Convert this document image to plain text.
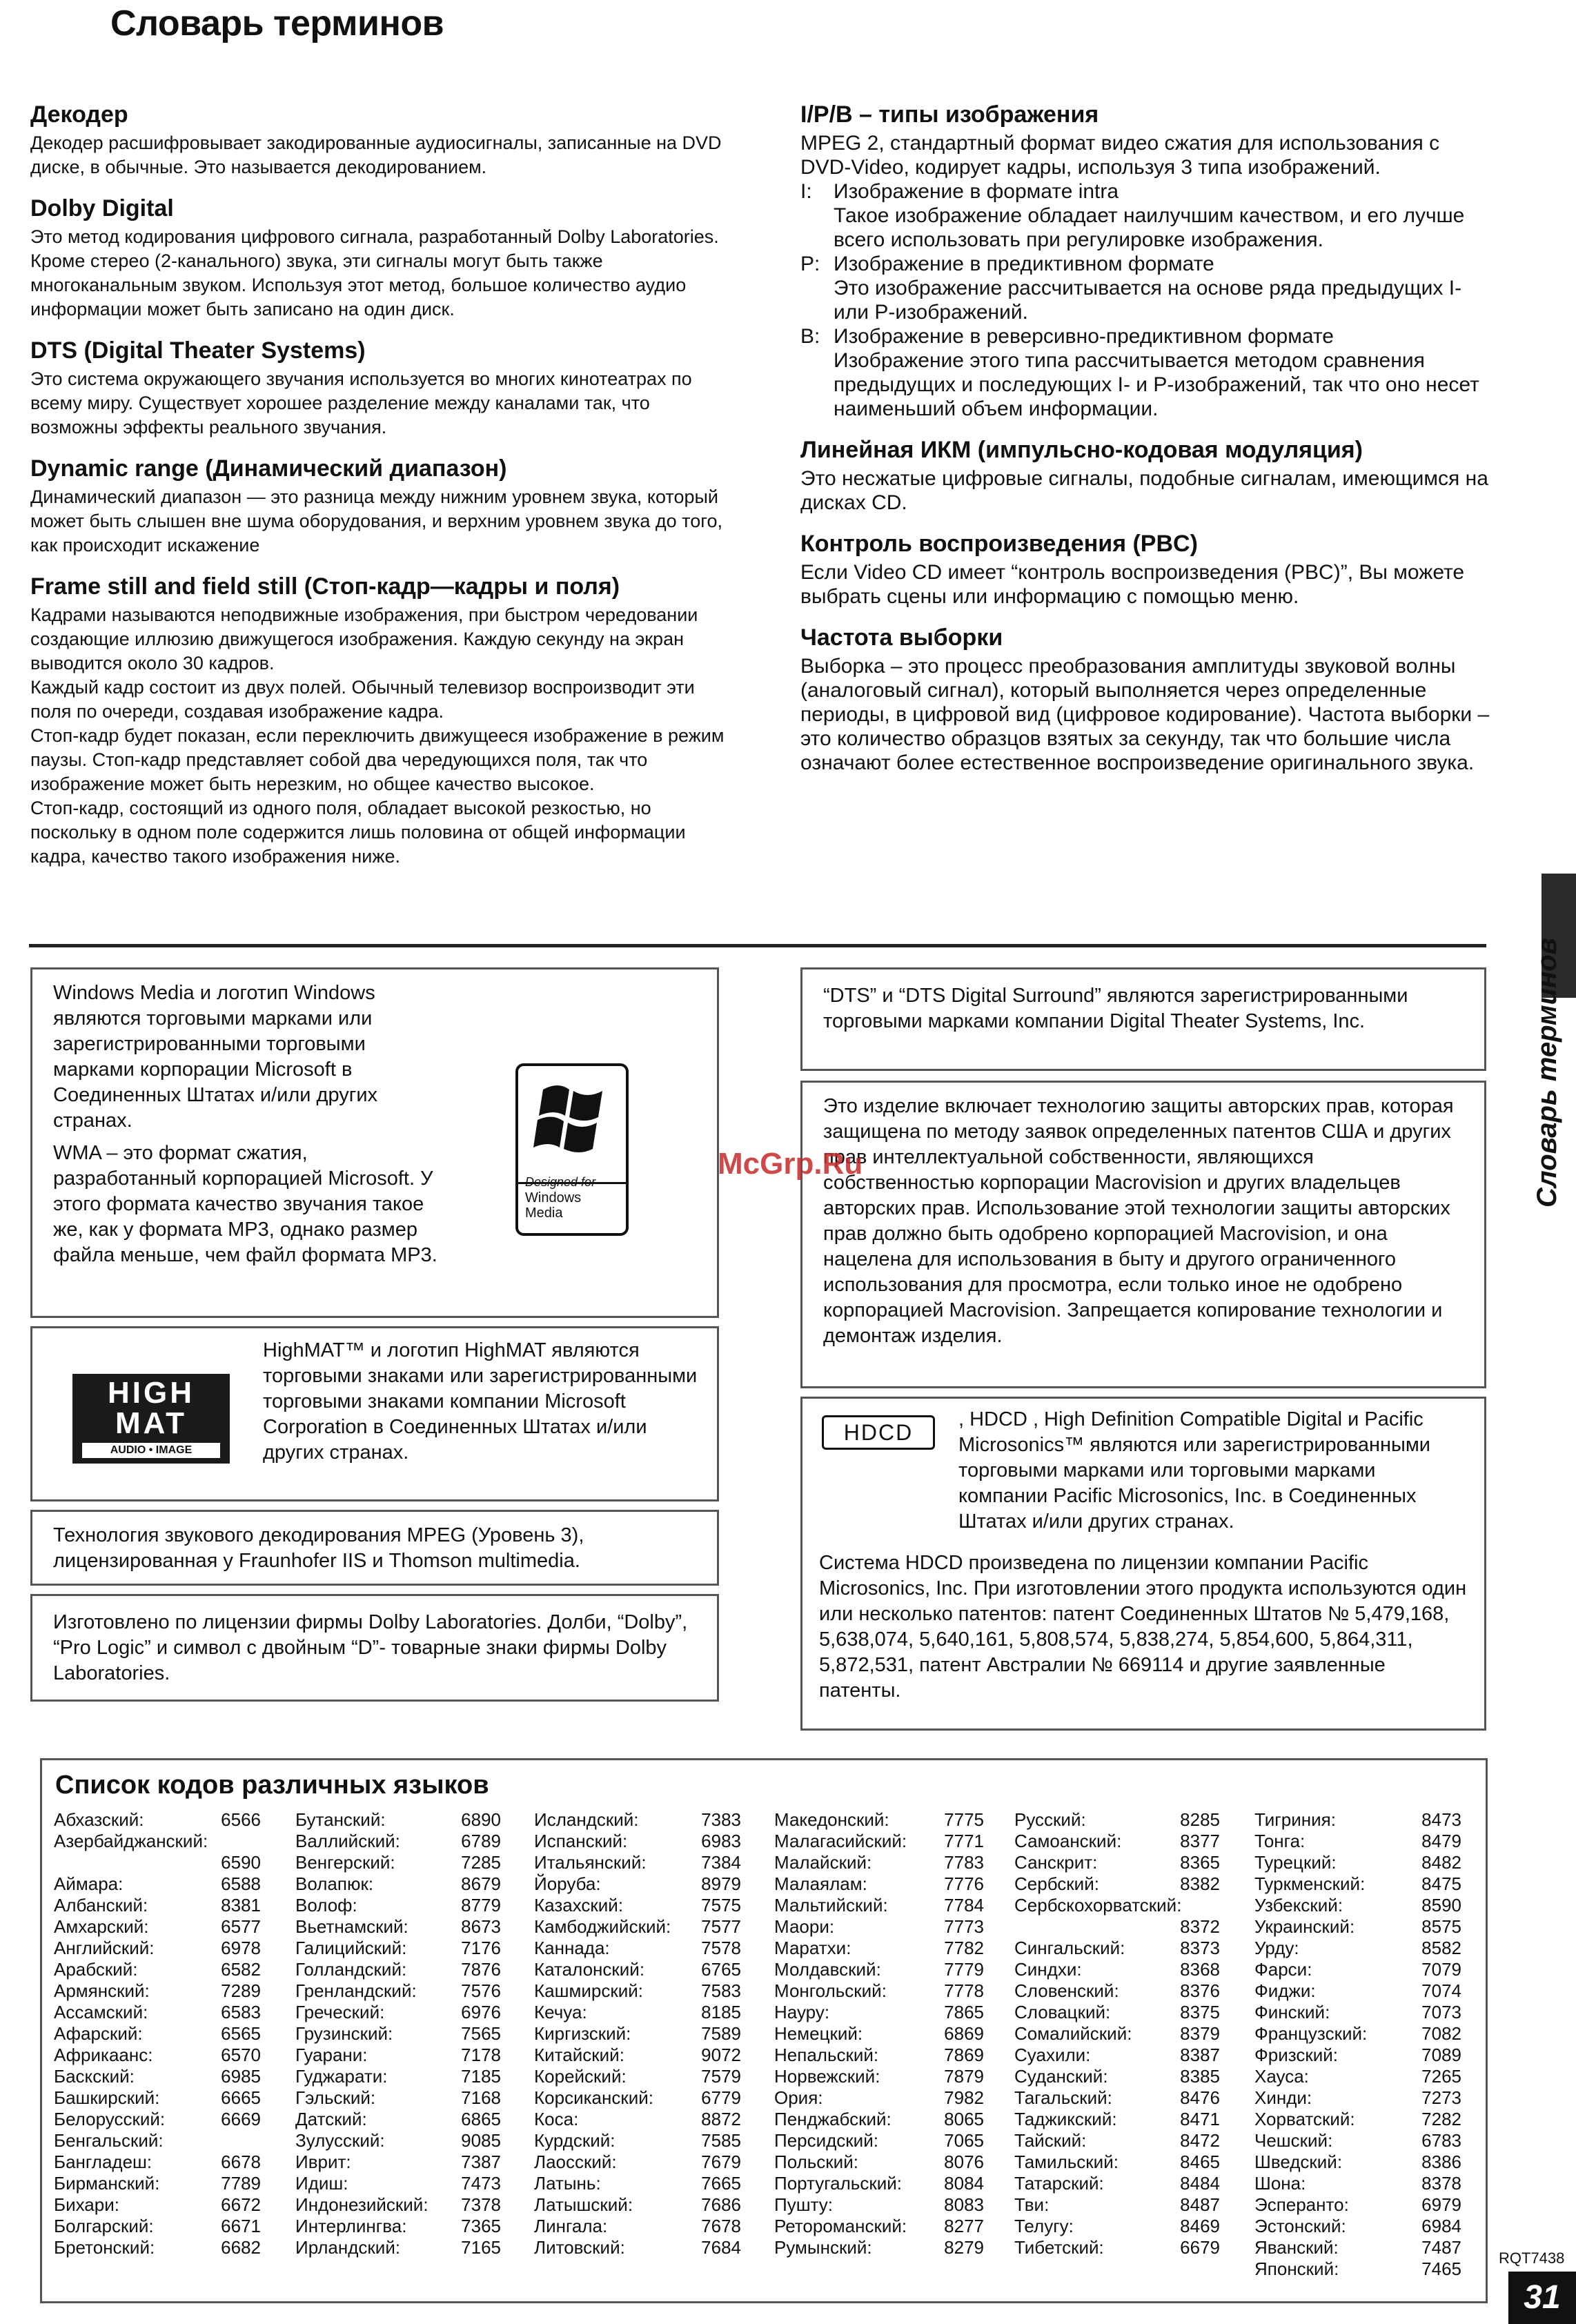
Словарь терминов
Декодер

Декодер расшифровывает закодированные аудиосигналы, записанные на DVD диске, в обычные. Это называется декодированием.

Dolby Digital

Это метод кодирования цифрового сигнала, разработанный Dolby Laboratories. Кроме стерео (2-канального) звука, эти сигналы могут быть также многоканальным звуком. Используя этот метод, большое количество аудио информации может быть записано на один диск.

DTS (Digital Theater Systems)

Это система окружающего звучания используется во многих кинотеатрах по всему миру. Существует хорошее разделение между каналами так, что возможны эффекты реального звучания.

Dynamic range (Динамический диапазон)

Динамический диапазон — это разница между нижним уровнем звука, который может быть слышен вне шума оборудования, и верхним уровнем звука до того, как происходит искажение

Frame still and field still (Стоп-кадр—кадры и поля)

Кадрами называются неподвижные изображения, при быстром чередовании создающие иллюзию движущегося изображения. Каждую секунду на экран выводится около 30 кадров.

Каждый кадр состоит из двух полей. Обычный телевизор воспроизводит эти поля по очереди, создавая изображение кадра.

Стоп-кадр будет показан, если переключить движущееся изображение в режим паузы. Стоп-кадр представляет собой два чередующихся поля, так что изображение может быть нерезким, но общее качество высокое.

Стоп-кадр, состоящий из одного поля, обладает высокой резкостью, но поскольку в одном поле содержится лишь половина от общей информации кадра, качество такого изображения ниже.

I/P/B – типы изображения

MPEG 2, стандартный формат видео сжатия для использования с DVD-Video, кодирует кадры, используя 3 типа изображений.

I:	Изображение в формате intra
Такое изображение обладает наилучшим качеством, и его лучше всего использовать при регулировке изображения.
P: Изображение в предиктивном формате
Это изображение рассчитывается на основе ряда предыдущих I- или P-изображений.
B: Изображение в реверсивно-предиктивном формате
Изображение этого типа рассчитывается методом сравнения предыдущих и последующих I- и P-изображений, так что оно несет наименьший объем информации.
Линейная ИКМ (импульсно-кодовая модуляция)

Это несжатые цифровые сигналы, подобные сигналам, имеющимся на дисках CD.

Контроль воспроизведения (PBC)

Если Video CD имеет “контроль воспроизведения (PBC)”, Вы можете выбрать сцены или информацию с помощью меню.

Частота выборки

Выборка – это процесс преобразования амплитуды звуковой волны (аналоговый сигнал), который выполняется через определенные периоды, в цифровой вид (цифровое кодирование). Частота выборки – это количество образцов взятых за секунду, так что большие числа означают более естественное воспроизведение оригинального звука.

Windows Media и логотип Windows являются торговыми марками или зарегистрированными торговыми марками корпорации Microsoft в Соединенных Штатах и/или других странах.

WMA – это формат сжатия, разработанный корпорацией Microsoft. У этого формата качество звучания такое же, как у формата MP3, однако размер файла меньше, чем файл формата MP3.

Designed for
Windows Media
HIGH
MAT
AUDIO • IMAGE
HighMAT™ и логотип HighMAT являются торговыми знаками или зарегистрированными торговыми знаками компании Microsoft Corporation в Соединенных Штатах и/или других странах.
Технология звукового декодирования MPEG (Уровень 3), лицензированная у Fraunhofer IIS и Thomson multimedia.
Изготовлено по лицензии фирмы Dolby Laboratories. Долби, “Dolby”, “Pro Logic” и символ с двойным “D”- товарные знаки фирмы Dolby Laboratories.
“DTS” и “DTS Digital Surround” являются зарегистрированными торговыми марками компании Digital Theater Systems, Inc.
Это изделие включает технологию защиты авторских прав, которая защищена по методу заявок определенных патентов США и других прав интеллектуальной собственности, являющихся собственностью корпорации Macrovision и других владельцев авторских прав. Использование этой технологии защиты авторских прав должно быть одобрено корпорацией Macrovision, и она нацелена для использования в быту и другого ограниченного использования для просмотра, если только иное не одобрено корпорацией Macrovision. Запрещается копирование технологии и демонтаж изделия.
HDCD
, HDCD , High Definition Compatible Digital и Pacific Microsonics™ являются или зарегистрированными торговыми марками или торговыми марками компании Pacific Microsonics, Inc. в Соединенных Штатах и/или других странах.
Система HDCD произведена по лицензии компании Pacific Microsonics, Inc. При изготовлении этого продукта используются один или несколько патентов: патент Соединенных Штатов № 5,479,168, 5,638,074, 5,640,161, 5,808,574, 5,838,274, 5,854,600, 5,864,311, 5,872,531, патент Австралии № 669114 и другие заявленные патенты.
McGrp.Ru
Список кодов различных языков
Абхазский:	6566
Азербайджанский:
6590
Аймара:	6588
Албанский:	8381
Амхарский:	6577
Английский:	6978
Арабский:	6582
Армянский:	7289
Ассамский:	6583
Афарский:	6565
Африкаанс:	6570
Баскский:	6985
Башкирский:	6665
Белорусский:	6669
Бенгальский:
Бангладеш:	6678
Бирманский:	7789
Бихари:	6672
Болгарский:	6671
Бретонский:	6682
Бутанский:	6890
Валлийский:	6789
Венгерский:	7285
Волапюк:	8679
Волоф:	8779
Вьетнамский:	8673
Галицийский:	7176
Голландский:	7876
Гренландский:	7576
Греческий:	6976
Грузинский:	7565
Гуарани:	7178
Гуджарати:	7185
Гэльский:	7168
Датский:	6865
Зулусский:	9085
Иврит:	7387
Идиш:	7473
Индонезийский:	7378
Интерлингва:	7365
Ирландский:	7165
Исландский:	7383
Испанский:	6983
Итальянский:	7384
Йоруба:	8979
Казахский:	7575
Камбоджийский:	7577
Каннада:	7578
Каталонский:	6765
Кашмирский:	7583
Кечуа:	8185
Киргизский:	7589
Китайский:	9072
Корейский:	7579
Корсиканский:	6779
Коса:	8872
Курдский:	7585
Лаосский:	7679
Латынь:	7665
Латышский:	7686
Лингала:	7678
Литовский:	7684
Македонский:	7775
Малагасийский:	7771
Малайский:	7783
Малаялам:	7776
Мальтийский:	7784
Маори:	7773
Маратхи:	7782
Молдавский:	7779
Монгольский:	7778
Науру:	7865
Немецкий:	6869
Непальский:	7869
Норвежский:	7879
Ория:	7982
Пенджабский:	8065
Персидский:	7065
Польский:	8076
Португальский:	8084
Пушту:	8083
Ретороманский:	8277
Румынский:	8279
Русский:	8285
Самоанский:	8377
Санскрит:	8365
Сербский:	8382
Сербскохорватский:
8372
Сингальский:	8373
Синдхи:	8368
Словенский:	8376
Словацкий:	8375
Сомалийский:	8379
Суахили:	8387
Суданский:	8385
Тагальский:	8476
Таджикский:	8471
Тайский:	8472
Тамильский:	8465
Татарский:	8484
Тви:	8487
Телугу:	8469
Тибетский:	6679
Тигриния:	8473
Тонга:	8479
Турецкий:	8482
Туркменский:	8475
Узбекский:	8590
Украинский:	8575
Урду:	8582
Фарси:	7079
Фиджи:	7074
Финский:	7073
Французский:	7082
Фризский:	7089
Хауса:	7265
Хинди:	7273
Хорватский:	7282
Чешский:	6783
Шведский:	8386
Шона:	8378
Эсперанто:	6979
Эстонский:	6984
Яванский:	7487
Японский:	7465
Словарь терминов
RQT7438
31
